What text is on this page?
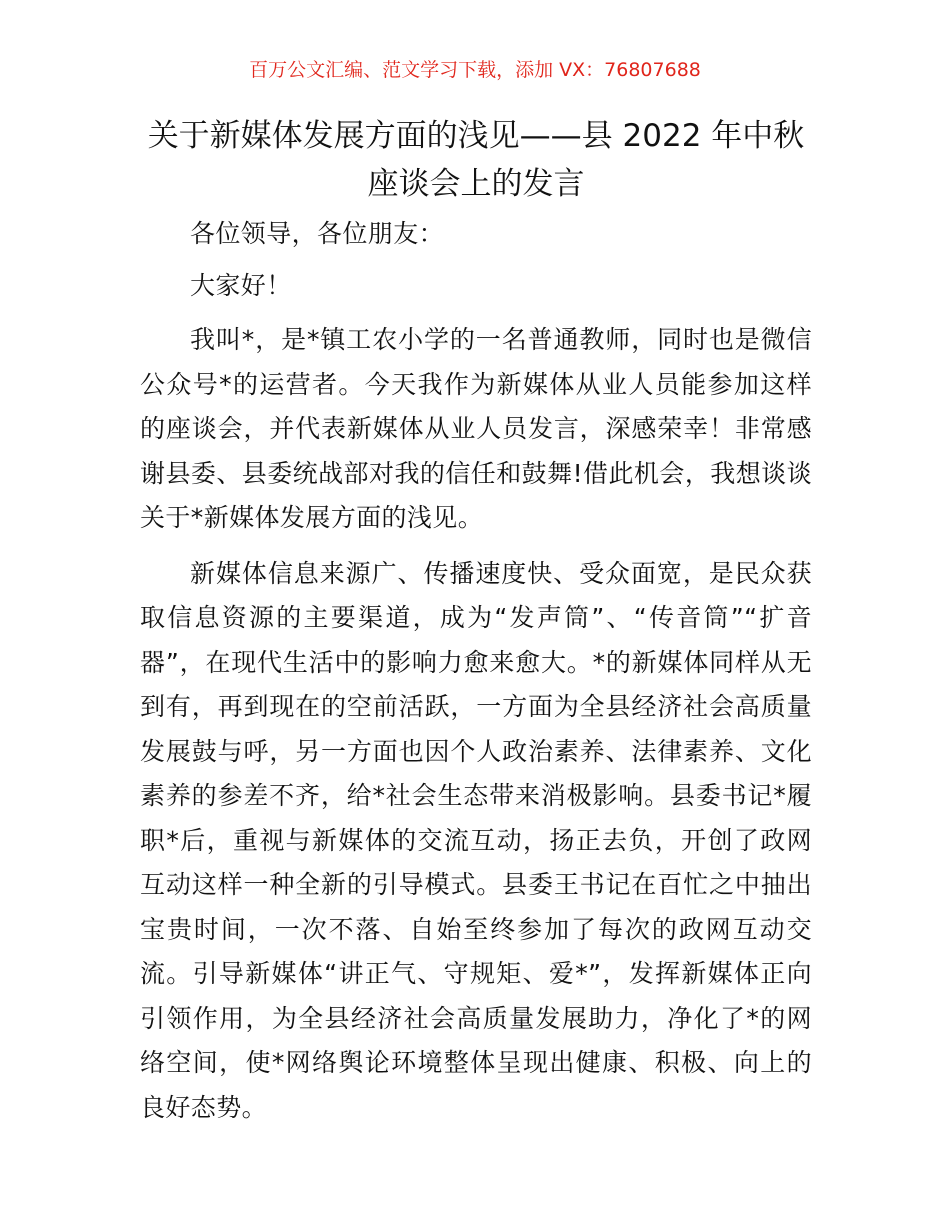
百万公文汇编、范文学习下载，添加 VX：76807688
关于新媒体发展方面的浅见——县 2022 年中秋座谈会上的发言

各位领导，各位朋友：

大家好！

我叫*，是*镇工农小学的一名普通教师，同时也是微信公众号*的运营者。今天我作为新媒体从业人员能参加这样的座谈会，并代表新媒体从业人员发言，深感荣幸！非常感谢县委、县委统战部对我的信任和鼓舞!借此机会，我想谈谈关于*新媒体发展方面的浅见。

新媒体信息来源广、传播速度快、受众面宽，是民众获取信息资源的主要渠道，成为“发声筒”、“传音筒”“扩音器”，在现代生活中的影响力愈来愈大。*的新媒体同样从无到有，再到现在的空前活跃，一方面为全县经济社会高质量发展鼓与呼，另一方面也因个人政治素养、法律素养、文化素养的参差不齐，给*社会生态带来消极影响。县委书记*履职*后，重视与新媒体的交流互动，扬正去负，开创了政网互动这样一种全新的引导模式。县委王书记在百忙之中抽出宝贵时间，一次不落、自始至终参加了每次的政网互动交流。引导新媒体“讲正气、守规矩、爱*”，发挥新媒体正向引领作用，为全县经济社会高质量发展助力，净化了*的网络空间，使*网络舆论环境整体呈现出健康、积极、向上的良好态势。
